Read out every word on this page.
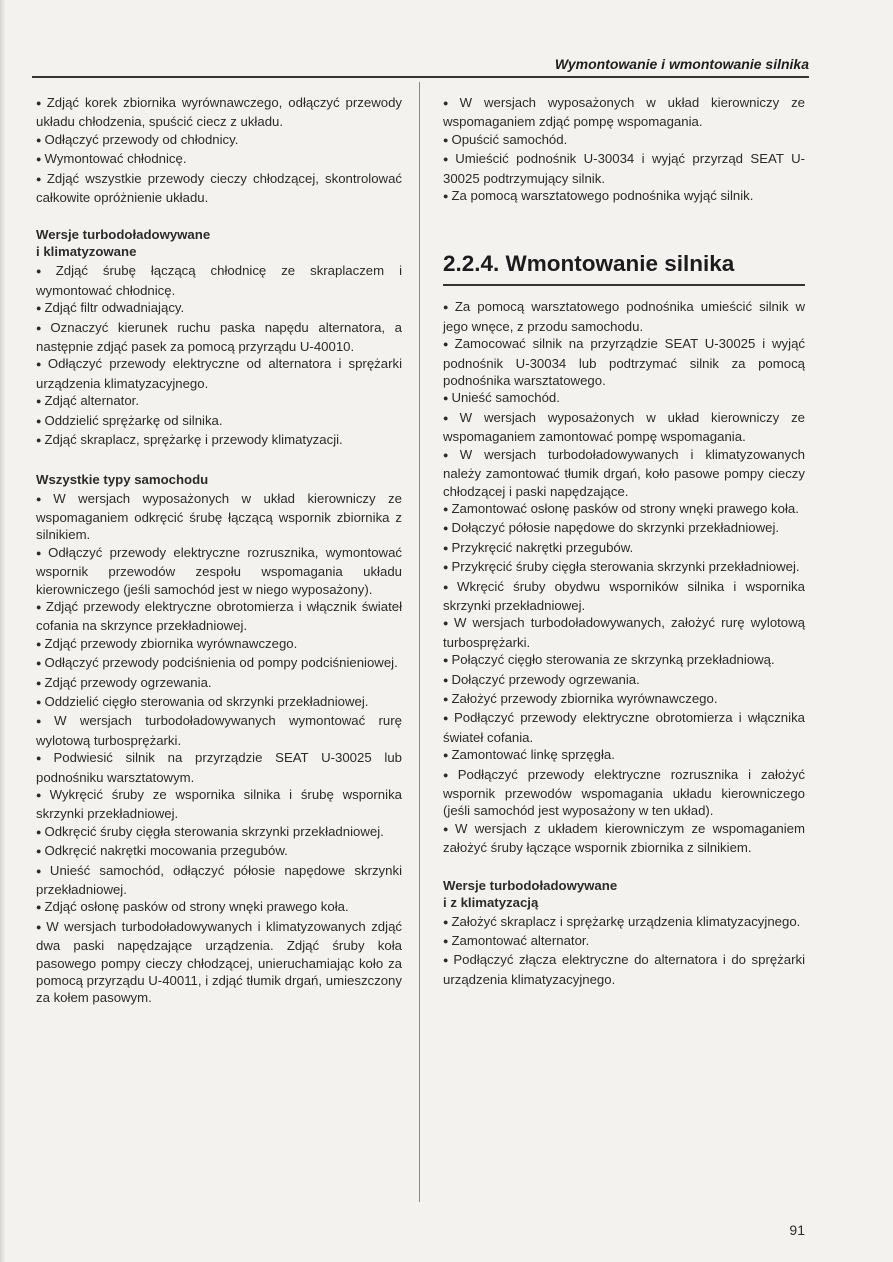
Wymontowanie i wmontowanie silnika

● Zdjąć korek zbiornika wyrównawczego, odłączyć przewody układu chłodzenia, spuścić ciecz z układu.

● Odłączyć przewody od chłodnicy.

● Wymontować chłodnicę.

● Zdjąć wszystkie przewody cieczy chłodzącej, skontrolować całkowite opróżnienie układu.

Wersje turbodoładowywane
i klimatyzowane

● Zdjąć śrubę łączącą chłodnicę ze skraplaczem i wymontować chłodnicę.

● Zdjąć filtr odwadniający.

● Oznaczyć kierunek ruchu paska napędu alternatora, a następnie zdjąć pasek za pomocą przyrządu U-40010.

● Odłączyć przewody elektryczne od alternatora i sprężarki urządzenia klimatyzacyjnego.

● Zdjąć alternator.

● Oddzielić sprężarkę od silnika.

● Zdjąć skraplacz, sprężarkę i przewody klimatyzacji.

Wszystkie typy samochodu

● W wersjach wyposażonych w układ kierowniczy ze wspomaganiem odkręcić śrubę łączącą wspornik zbiornika z silnikiem.

● Odłączyć przewody elektryczne rozrusznika, wymontować wspornik przewodów zespołu wspomagania układu kierowniczego (jeśli samochód jest w niego wyposażony).

● Zdjąć przewody elektryczne obrotomierza i włącznik świateł cofania na skrzynce przekładniowej.

● Zdjąć przewody zbiornika wyrównawczego.

● Odłączyć przewody podciśnienia od pompy podciśnieniowej.

● Zdjąć przewody ogrzewania.

● Oddzielić cięgło sterowania od skrzynki przekładniowej.

● W wersjach turbodoładowywanych wymontować rurę wylotową turbosprężarki.

● Podwiesić silnik na przyrządzie SEAT U-30025 lub podnośniku warsztatowym.

● Wykręcić śruby ze wspornika silnika i śrubę wspornika skrzynki przekładniowej.

● Odkręcić śruby cięgła sterowania skrzynki przekładniowej.

● Odkręcić nakrętki mocowania przegubów.

● Unieść samochód, odłączyć półosie napędowe skrzynki przekładniowej.

● Zdjąć osłonę pasków od strony wnęki prawego koła.

● W wersjach turbodoładowywanych i klimatyzowanych zdjąć dwa paski napędzające urządzenia. Zdjąć śruby koła pasowego pompy cieczy chłodzącej, unieruchamiając koło za pomocą przyrządu U-40011, i zdjąć tłumik drgań, umieszczony za kołem pasowym.

● W wersjach wyposażonych w układ kierowniczy ze wspomaganiem zdjąć pompę wspomagania.

● Opuścić samochód.

● Umieścić podnośnik U-30034 i wyjąć przyrząd SEAT U-30025 podtrzymujący silnik.

● Za pomocą warsztatowego podnośnika wyjąć silnik.

2.2.4. Wmontowanie silnika

● Za pomocą warsztatowego podnośnika umieścić silnik w jego wnęce, z przodu samochodu.

● Zamocować silnik na przyrządzie SEAT U-30025 i wyjąć podnośnik U-30034 lub podtrzymać silnik za pomocą podnośnika warsztatowego.

● Unieść samochód.

● W wersjach wyposażonych w układ kierowniczy ze wspomaganiem zamontować pompę wspomagania.

● W wersjach turbodoładowywanych i klimatyzowanych należy zamontować tłumik drgań, koło pasowe pompy cieczy chłodzącej i paski napędzające.

● Zamontować osłonę pasków od strony wnęki prawego koła.

● Dołączyć półosie napędowe do skrzynki przekładniowej.

● Przykręcić nakrętki przegubów.

● Przykręcić śruby cięgła sterowania skrzynki przekładniowej.

● Wkręcić śruby obydwu wsporników silnika i wspornika skrzynki przekładniowej.

● W wersjach turbodoładowywanych, założyć rurę wylotową turbosprężarki.

● Połączyć cięgło sterowania ze skrzynką przekładniową.

● Dołączyć przewody ogrzewania.

● Założyć przewody zbiornika wyrównawczego.

● Podłączyć przewody elektryczne obrotomierza i włącznika świateł cofania.

● Zamontować linkę sprzęgła.

● Podłączyć przewody elektryczne rozrusznika i założyć wspornik przewodów wspomagania układu kierowniczego (jeśli samochód jest wyposażony w ten układ).

● W wersjach z układem kierowniczym ze wspomaganiem założyć śruby łączące wspornik zbiornika z silnikiem.

Wersje turbodoładowywane
i z klimatyzacją

● Założyć skraplacz i sprężarkę urządzenia klimatyzacyjnego.

● Zamontować alternator.

● Podłączyć złącza elektryczne do alternatora i do sprężarki urządzenia klimatyzacyjnego.

91
